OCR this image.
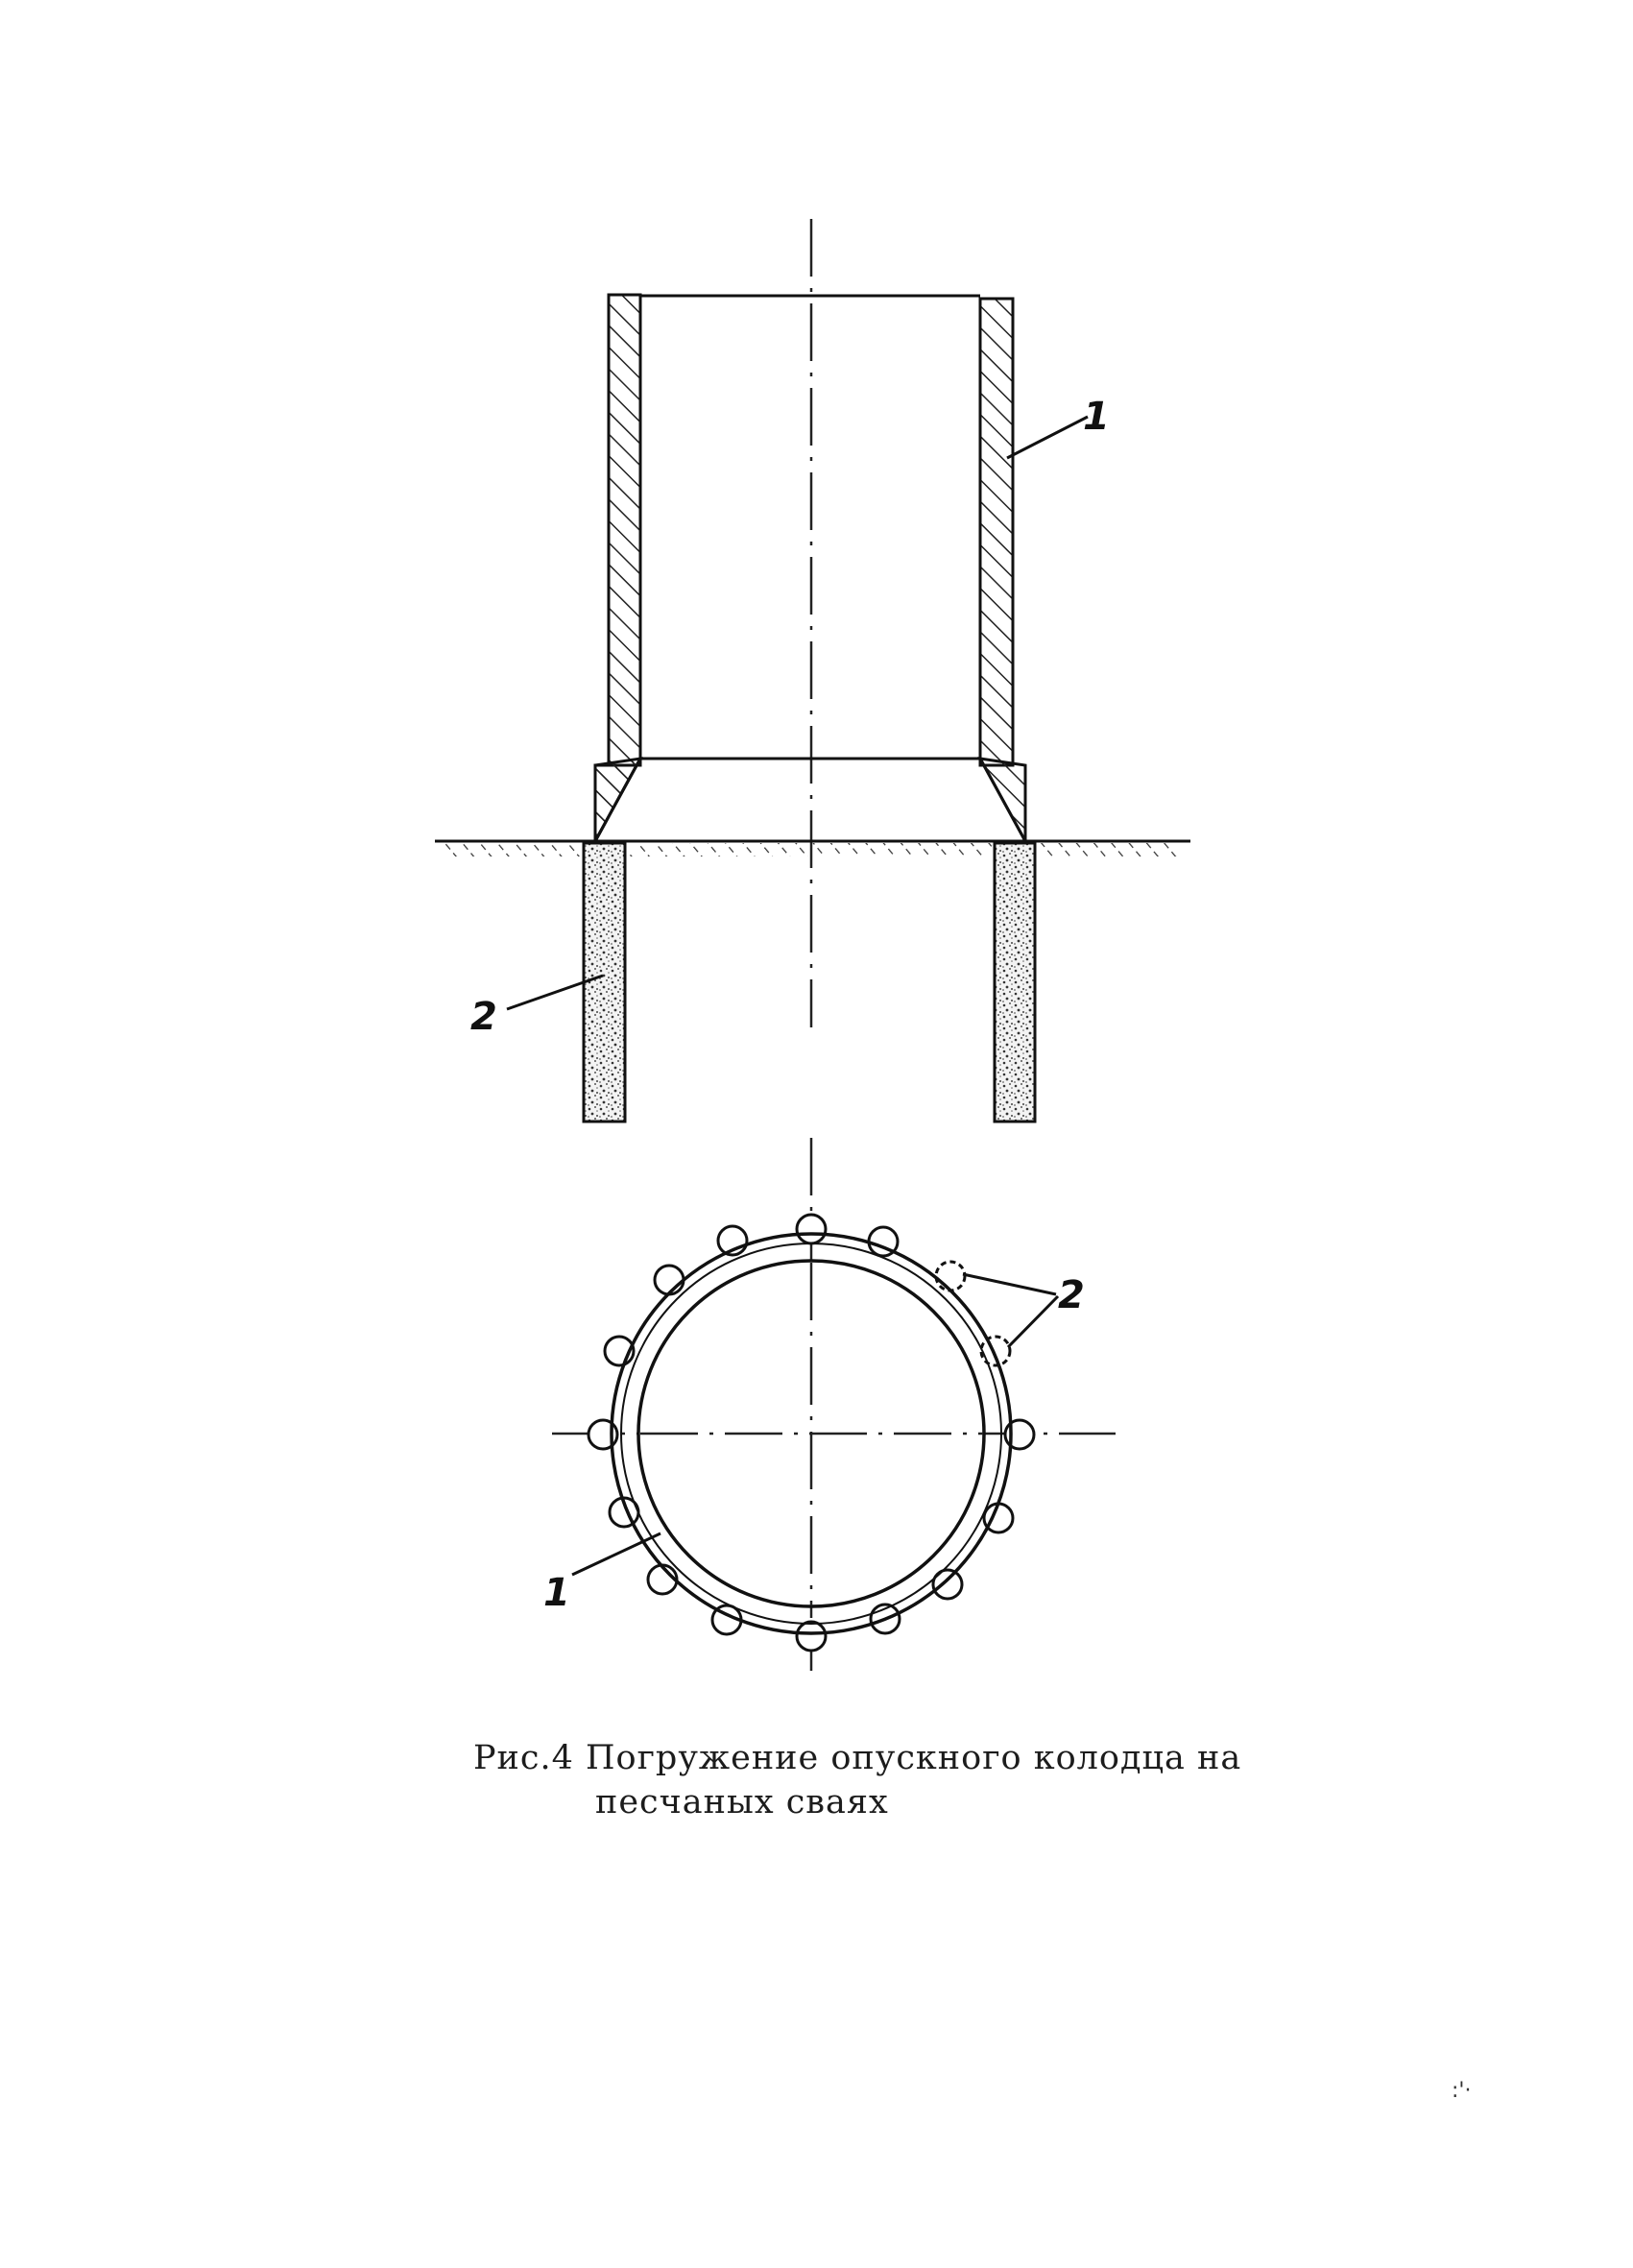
1
2
2
1
Рис.4 Погружение опускного колодца на
песчаных сваях
:'·
